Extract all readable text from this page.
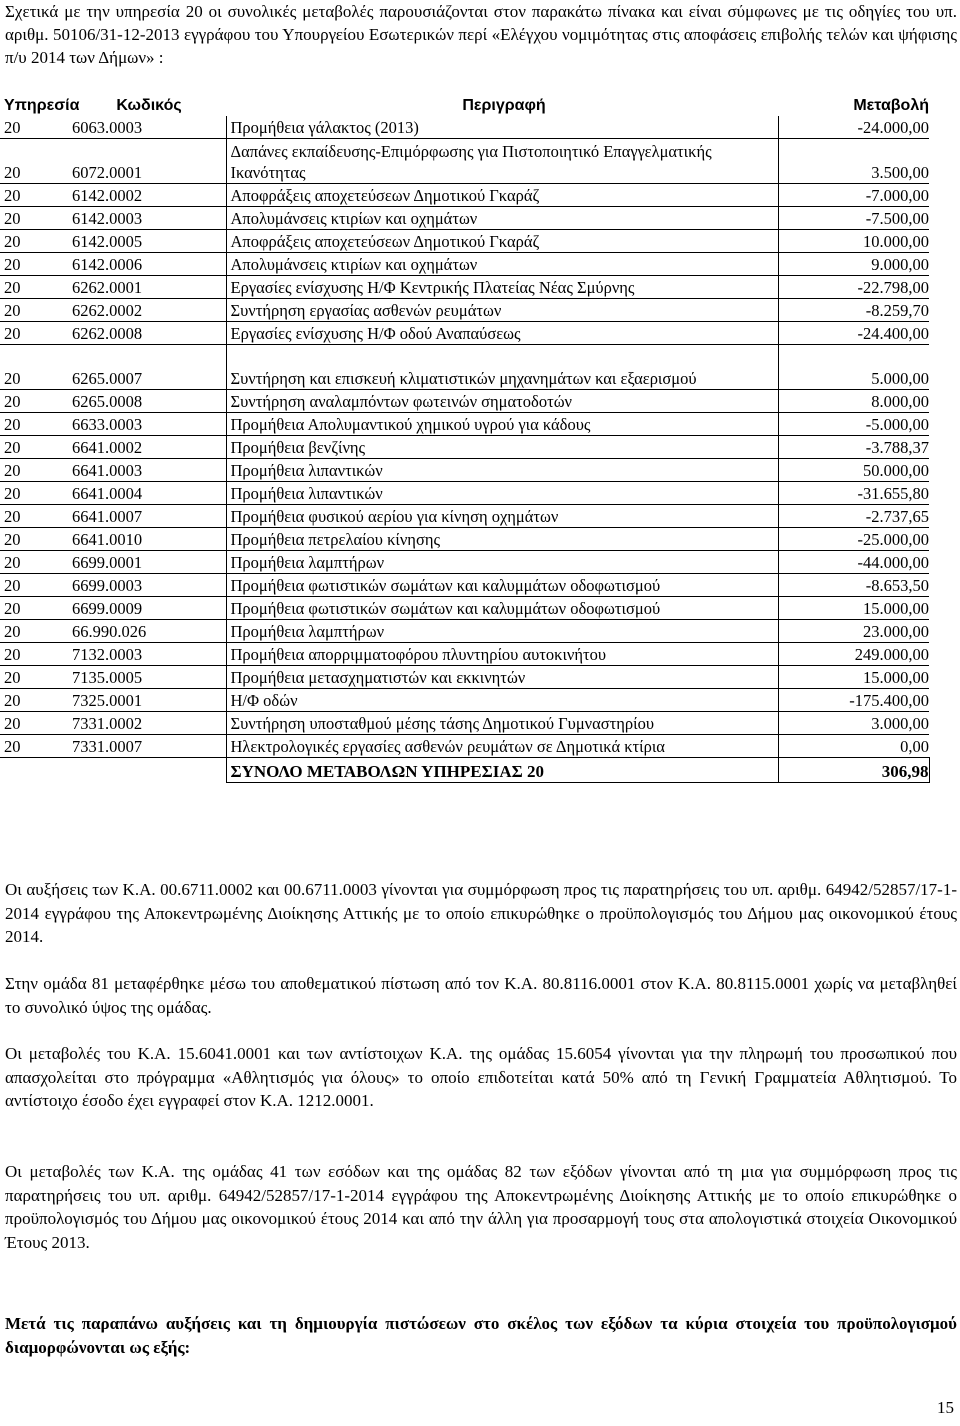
Σχετικά με την υπηρεσία 20 οι συνολικές μεταβολές παρουσιάζονται στον παρακάτω πίνακα και είναι σύμφωνες με τις οδηγίες του υπ. αριθμ. 50106/31-12-2013 εγγράφου του Υπουργείου Εσωτερικών περί «Ελέγχου νομιμότητας στις αποφάσεις επιβολής τελών και ψήφισης π/υ 2014 των Δήμων» :
Υπηρεσία	Κωδικός	Περιγραφή	Μεταβολή
20	6063.0003	Προμήθεια γάλακτος (2013)	-24.000,00
20	6072.0001	Δαπάνες εκπαίδευσης-Επιμόρφωσης για Πιστοποιητικό Επαγγελματικής Ικανότητας	3.500,00
20	6142.0002	Αποφράξεις αποχετεύσεων Δημοτικού Γκαράζ	-7.000,00
20	6142.0003	Απολυμάνσεις κτιρίων και οχημάτων	-7.500,00
20	6142.0005	Αποφράξεις αποχετεύσεων Δημοτικού Γκαράζ	10.000,00
20	6142.0006	Απολυμάνσεις κτιρίων και οχημάτων	9.000,00
20	6262.0001	Εργασίες ενίσχυσης Η/Φ Κεντρικής Πλατείας Νέας Σμύρνης	-22.798,00
20	6262.0002	Συντήρηση εργασίας ασθενών ρευμάτων	-8.259,70
20	6262.0008	Εργασίες ενίσχυσης Η/Φ οδού Αναπαύσεως	-24.400,00
20	6265.0007	Συντήρηση και επισκευή κλιματιστικών μηχανημάτων και εξαερισμού	5.000,00
20	6265.0008	Συντήρηση αναλαμπόντων φωτεινών σηματοδοτών	8.000,00
20	6633.0003	Προμήθεια Απολυμαντικού χημικού υγρού για κάδους	-5.000,00
20	6641.0002	Προμήθεια βενζίνης	-3.788,37
20	6641.0003	Προμήθεια λιπαντικών	50.000,00
20	6641.0004	Προμήθεια λιπαντικών	-31.655,80
20	6641.0007	Προμήθεια φυσικού αερίου για κίνηση οχημάτων	-2.737,65
20	6641.0010	Προμήθεια πετρελαίου κίνησης	-25.000,00
20	6699.0001	Προμήθεια λαμπτήρων	-44.000,00
20	6699.0003	Προμήθεια φωτιστικών σωμάτων και καλυμμάτων οδοφωτισμού	-8.653,50
20	6699.0009	Προμήθεια φωτιστικών σωμάτων και καλυμμάτων οδοφωτισμού	15.000,00
20	66.990.026	Προμήθεια λαμπτήρων	23.000,00
20	7132.0003	Προμήθεια απορριμματοφόρου πλυντηρίου αυτοκινήτου	249.000,00
20	7135.0005	Προμήθεια μετασχηματιστών και εκκινητών	15.000,00
20	7325.0001	Η/Φ οδών	-175.400,00
20	7331.0002	Συντήρηση υποσταθμού μέσης τάσης Δημοτικού Γυμναστηρίου	3.000,00
20	7331.0007	Ηλεκτρολογικές εργασίες ασθενών ρευμάτων σε Δημοτικά κτίρια	0,00
		ΣΥΝΟΛΟ ΜΕΤΑΒΟΛΩΝ ΥΠΗΡΕΣΙΑΣ 20	306,98
Οι αυξήσεις των Κ.Α. 00.6711.0002 και 00.6711.0003 γίνονται για συμμόρφωση προς τις παρατηρήσεις του υπ. αριθμ. 64942/52857/17-1-2014 εγγράφου της Αποκεντρωμένης Διοίκησης Αττικής με το οποίο επικυρώθηκε ο προϋπολογισμός του Δήμου μας οικονομικού έτους 2014.
Στην ομάδα 81 μεταφέρθηκε μέσω του αποθεματικού πίστωση από τον Κ.Α. 80.8116.0001 στον Κ.Α. 80.8115.0001 χωρίς να μεταβληθεί το συνολικό ύψος της ομάδας.
Οι μεταβολές του Κ.Α. 15.6041.0001 και των αντίστοιχων Κ.Α. της ομάδας 15.6054 γίνονται για την πληρωμή του προσωπικού που απασχολείται στο πρόγραμμα «Αθλητισμός για όλους» το οποίο επιδοτείται κατά 50% από τη Γενική Γραμματεία Αθλητισμού. Το αντίστοιχο έσοδο έχει εγγραφεί στον Κ.Α. 1212.0001.
Οι μεταβολές των Κ.Α. της ομάδας 41 των εσόδων και της ομάδας 82 των εξόδων γίνονται από τη μια για συμμόρφωση προς τις παρατηρήσεις του υπ. αριθμ. 64942/52857/17-1-2014 εγγράφου της Αποκεντρωμένης Διοίκησης Αττικής με το οποίο επικυρώθηκε ο προϋπολογισμός του Δήμου μας οικονομικού έτους 2014 και από την άλλη για προσαρμογή τους στα απολογιστικά στοιχεία Οικονομικού Έτους 2013.
Μετά τις παραπάνω αυξήσεις και τη δημιουργία πιστώσεων στο σκέλος των εξόδων τα κύρια στοιχεία του προϋπολογισμού διαμορφώνονται ως εξής:
15
